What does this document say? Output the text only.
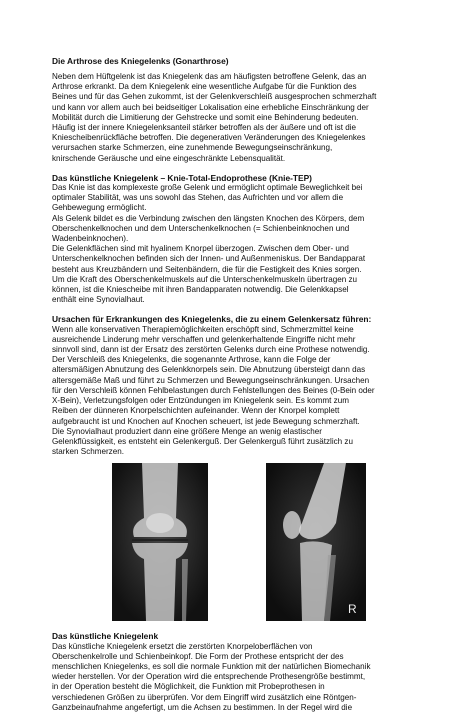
Die Arthrose des Kniegelenks (Gonarthrose)

Neben dem Hüftgelenk ist das Kniegelenk das am häufigsten betroffene Gelenk, das an
Arthrose erkrankt. Da dem Kniegelenk eine wesentliche Aufgabe für die Funktion des
Beines und für das Gehen zukommt, ist der Gelenkverschleiß ausgesprochen schmerzhaft
und kann vor allem auch bei beidseitiger Lokalisation eine erhebliche Einschränkung der
Mobilität durch die Limitierung der Gehstrecke und somit eine Behinderung bedeuten.
Häufig ist der innere Kniegelenksanteil stärker betroffen als der äußere und oft ist die
Kniescheibenrückfläche betroffen. Die degenerativen Veränderungen des Kniegelenkes
verursachen starke Schmerzen, eine zunehmende Bewegungseinschränkung,
knirschende Geräusche und eine eingeschränkte Lebensqualität.

Das künstliche Kniegelenk – Knie-Total-Endoprothese (Knie-TEP)

Das Knie ist das komplexeste große Gelenk und ermöglicht optimale Beweglichkeit bei
optimaler Stabilität, was uns sowohl das Stehen, das Aufrichten und vor allem die
Gehbewegung ermöglicht.
Als Gelenk bildet es die Verbindung zwischen den längsten Knochen des Körpers, dem
Oberschenkelknochen und dem Unterschenkelknochen (= Schienbeinknochen und
Wadenbeinknochen).
Die Gelenkflächen sind mit hyalinem Knorpel überzogen. Zwischen dem Ober- und
Unterschenkelknochen befinden sich der Innen- und Außenmeniskus. Der Bandapparat
besteht aus Kreuzbändern und Seitenbändern, die für die Festigkeit des Knies sorgen.
Um die Kraft des Oberschenkelmuskels auf die Unterschenkelmuskeln übertragen zu
können, ist die Kniescheibe mit ihren Bandapparaten notwendig. Die Gelenkkapsel
enthält eine Synovialhaut.

Ursachen für Erkrankungen des Kniegelenks, die zu einem Gelenkersatz führen:

Wenn alle konservativen Therapiemöglichkeiten erschöpft sind, Schmerzmittel keine
ausreichende Linderung mehr verschaffen und gelenkerhaltende Eingriffe nicht mehr
sinnvoll sind, dann ist der Ersatz des zerstörten Gelenks durch eine Prothese notwendig.
Der Verschleiß des Kniegelenks, die sogenannte Arthrose, kann die Folge der
altersmäßigen Abnutzung des Gelenkknorpels sein. Die Abnutzung übersteigt dann das
altersgemäße Maß und führt zu Schmerzen und Bewegungseinschränkungen. Ursachen
für den Verschleiß können Fehlbelastungen durch Fehlstellungen des Beines (0-Bein oder
X-Bein), Verletzungsfolgen oder Entzündungen im Kniegelenk sein. Es kommt zum
Reiben der dünneren Knorpelschichten aufeinander. Wenn der Knorpel komplett
aufgebraucht ist und Knochen auf Knochen scheuert, ist jede Bewegung schmerzhaft.
Die Synovialhaut produziert dann eine größere Menge an wenig elastischer
Gelenkflüssigkeit, es entsteht ein Gelenkerguß. Der Gelenkerguß führt zusätzlich zu
starken Schmerzen.

R

Das künstliche Kniegelenk

Das künstliche Kniegelenk ersetzt die zerstörten Knorpeloberflächen von
Oberschenkelrolle und Schienbeinkopf. Die Form der Prothese entspricht der des
menschlichen Kniegelenks, es soll die normale Funktion mit der natürlichen Biomechanik
wieder herstellen. Vor der Operation wird die entsprechende Prothesengröße bestimmt,
in der Operation besteht die Möglichkeit, die Funktion mit Probeprothesen in
verschiedenen Größen zu überprüfen. Vor dem Eingriff wird zusätzlich eine Röntgen-
Ganzbeinaufnahme angefertigt, um die Achsen zu bestimmen. In der Regel wird die
